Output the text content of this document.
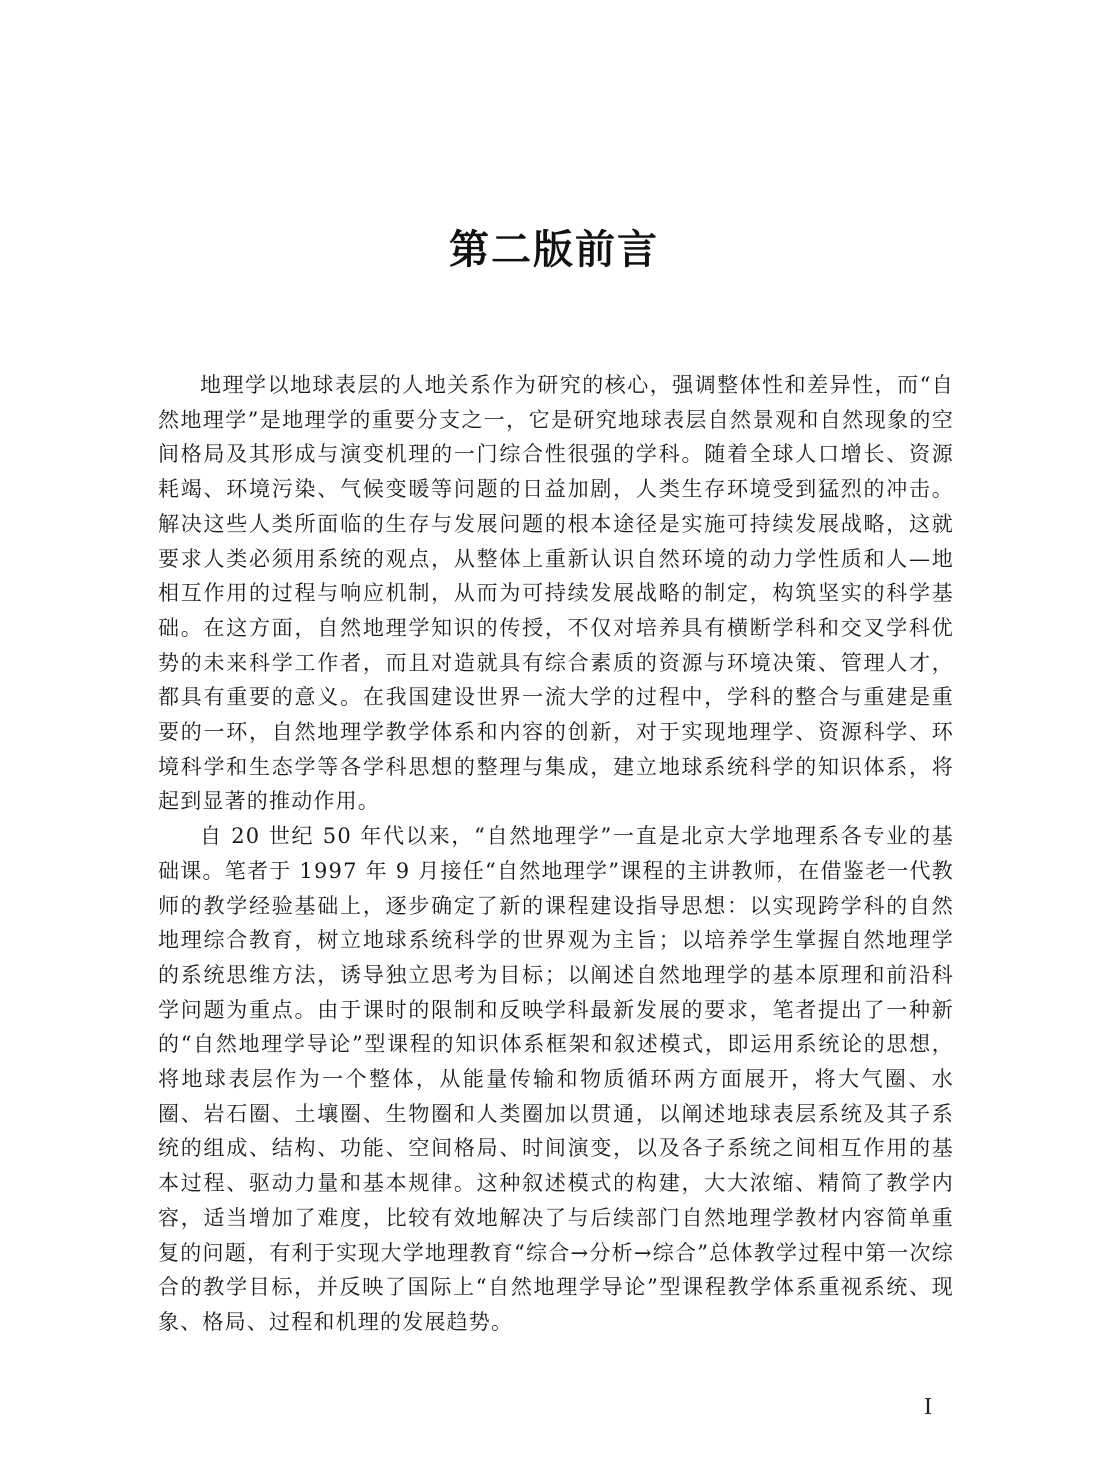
第二版前言

地理学以地球表层的人地关系作为研究的核心，强调整体性和差异性，而“自然地理学”是地理学的重要分支之一，它是研究地球表层自然景观和自然现象的空间格局及其形成与演变机理的一门综合性很强的学科。随着全球人口增长、资源耗竭、环境污染、气候变暖等问题的日益加剧，人类生存环境受到猛烈的冲击。解决这些人类所面临的生存与发展问题的根本途径是实施可持续发展战略，这就要求人类必须用系统的观点，从整体上重新认识自然环境的动力学性质和人—地相互作用的过程与响应机制，从而为可持续发展战略的制定，构筑坚实的科学基础。在这方面，自然地理学知识的传授，不仅对培养具有横断学科和交叉学科优势的未来科学工作者，而且对造就具有综合素质的资源与环境决策、管理人才，都具有重要的意义。在我国建设世界一流大学的过程中，学科的整合与重建是重要的一环，自然地理学教学体系和内容的创新，对于实现地理学、资源科学、环境科学和生态学等各学科思想的整理与集成，建立地球系统科学的知识体系，将起到显著的推动作用。

自 20 世纪 50 年代以来，“自然地理学”一直是北京大学地理系各专业的基础课。笔者于 1997 年 9 月接任“自然地理学”课程的主讲教师，在借鉴老一代教师的教学经验基础上，逐步确定了新的课程建设指导思想：以实现跨学科的自然地理综合教育，树立地球系统科学的世界观为主旨；以培养学生掌握自然地理学的系统思维方法，诱导独立思考为目标；以阐述自然地理学的基本原理和前沿科学问题为重点。由于课时的限制和反映学科最新发展的要求，笔者提出了一种新的“自然地理学导论”型课程的知识体系框架和叙述模式，即运用系统论的思想，将地球表层作为一个整体，从能量传输和物质循环两方面展开，将大气圈、水圈、岩石圈、土壤圈、生物圈和人类圈加以贯通，以阐述地球表层系统及其子系统的组成、结构、功能、空间格局、时间演变，以及各子系统之间相互作用的基本过程、驱动力量和基本规律。这种叙述模式的构建，大大浓缩、精简了教学内容，适当增加了难度，比较有效地解决了与后续部门自然地理学教材内容简单重复的问题，有利于实现大学地理教育“综合→分析→综合”总体教学过程中第一次综合的教学目标，并反映了国际上“自然地理学导论”型课程教学体系重视系统、现象、格局、过程和机理的发展趋势。

I
